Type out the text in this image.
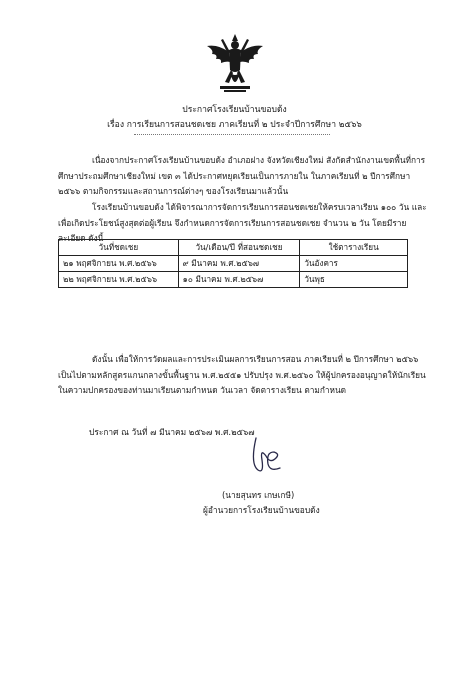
ประกาศโรงเรียนบ้านขอบด้ง
เรื่อง การเรียนการสอนชดเชย ภาคเรียนที่ ๒ ประจำปีการศึกษา ๒๕๖๖
เนื่องจากประกาศโรงเรียนบ้านขอบด้ง อำเภอฝาง จังหวัดเชียงใหม่ สังกัดสำนักงานเขตพื้นที่การศึกษาประถมศึกษาเชียงใหม่ เขต ๓ ได้ประกาศหยุดเรียนเป็นการภายใน ในภาคเรียนที่ ๒ ปีการศึกษา ๒๕๖๖ ตามกิจกรรมและสถานการณ์ต่างๆ ของโรงเรียนมาแล้วนั้น
โรงเรียนบ้านขอบด้ง ได้พิจารณาการจัดการเรียนการสอนชดเชยให้ครบเวลาเรียน ๑๐๐ วัน และเพื่อเกิดประโยชน์สูงสุดต่อผู้เรียน จึงกำหนดการจัดการเรียนการสอนชดเชย จำนวน ๒ วัน โดยมีรายละเอียด ดังนี้
วันที่ชดเชย	วัน/เดือน/ปี ที่สอนชดเชย	ใช้ตารางเรียน
๒๑ พฤศจิกายน พ.ศ.๒๕๖๖	๙ มีนาคม พ.ศ.๒๕๖๗	วันอังคาร
๒๒ พฤศจิกายน พ.ศ.๒๕๖๖	๑๐ มีนาคม พ.ศ.๒๕๖๗	วันพุธ
ดังนั้น เพื่อให้การวัดผลและการประเมินผลการเรียนการสอน ภาคเรียนที่ ๒ ปีการศึกษา ๒๕๖๖ เป็นไปตามหลักสูตรแกนกลางขั้นพื้นฐาน พ.ศ.๒๕๕๑ ปรับปรุง พ.ศ.๒๕๖๐ ให้ผู้ปกครองอนุญาตให้นักเรียนในความปกครองของท่านมาเรียนตามกำหนด วันเวลา จัดตารางเรียน ตามกำหนด
ประกาศ ณ วันที่ ๗ มีนาคม ๒๕๖๗ พ.ศ.๒๕๖๗
(นายสุนทร เกษเกษี)
ผู้อำนวยการโรงเรียนบ้านขอบด้ง
